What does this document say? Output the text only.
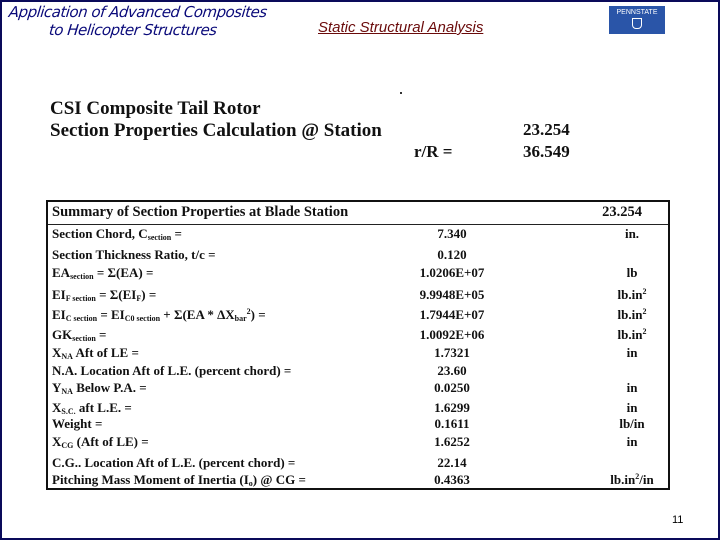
Application of Advanced Composites
to Helicopter Structures	Static Structural Analysis
PENNSTATE
CSI Composite Tail Rotor
Section Properties Calculation @ Station	23.254
r/R =	36.549
Summary of Section Properties at Blade Station	23.254
Section Chord, $C_{section}$ =	7.340	in.
Section Thickness Ratio, t/c =	0.120
$EA_{section} = \Sigma(EA)$ =	1.0206E+07	lb
$EI_{F section} = \Sigma(EI_F)$ =	9.9948E+05	$lb.in^2$
$EI_{C section} = EI_{C0 section} + \Sigma(EA * \Delta X_{bar}^2)$ =	1.7944E+07	$lb.in^2$
$GK_{section}$ =	1.0092E+06	$lb.in^2$
$X_{NA}$ Aft of LE =	1.7321	in
N.A. Location Aft of L.E. (percent chord) =	23.60
$Y_{NA}$ Below P.A. =	0.0250	in
$X_{S.C.}$ aft L.E. =	1.6299	in
Weight =	0.1611	lb/in
$X_{CG}$ (Aft of LE) =	1.6252	in
C.G.. Location Aft of L.E. (percent chord) =	22.14
Pitching Mass Moment of Inertia $(I_o)$ @ CG =	0.4363	$lb.in^2/in$
11
